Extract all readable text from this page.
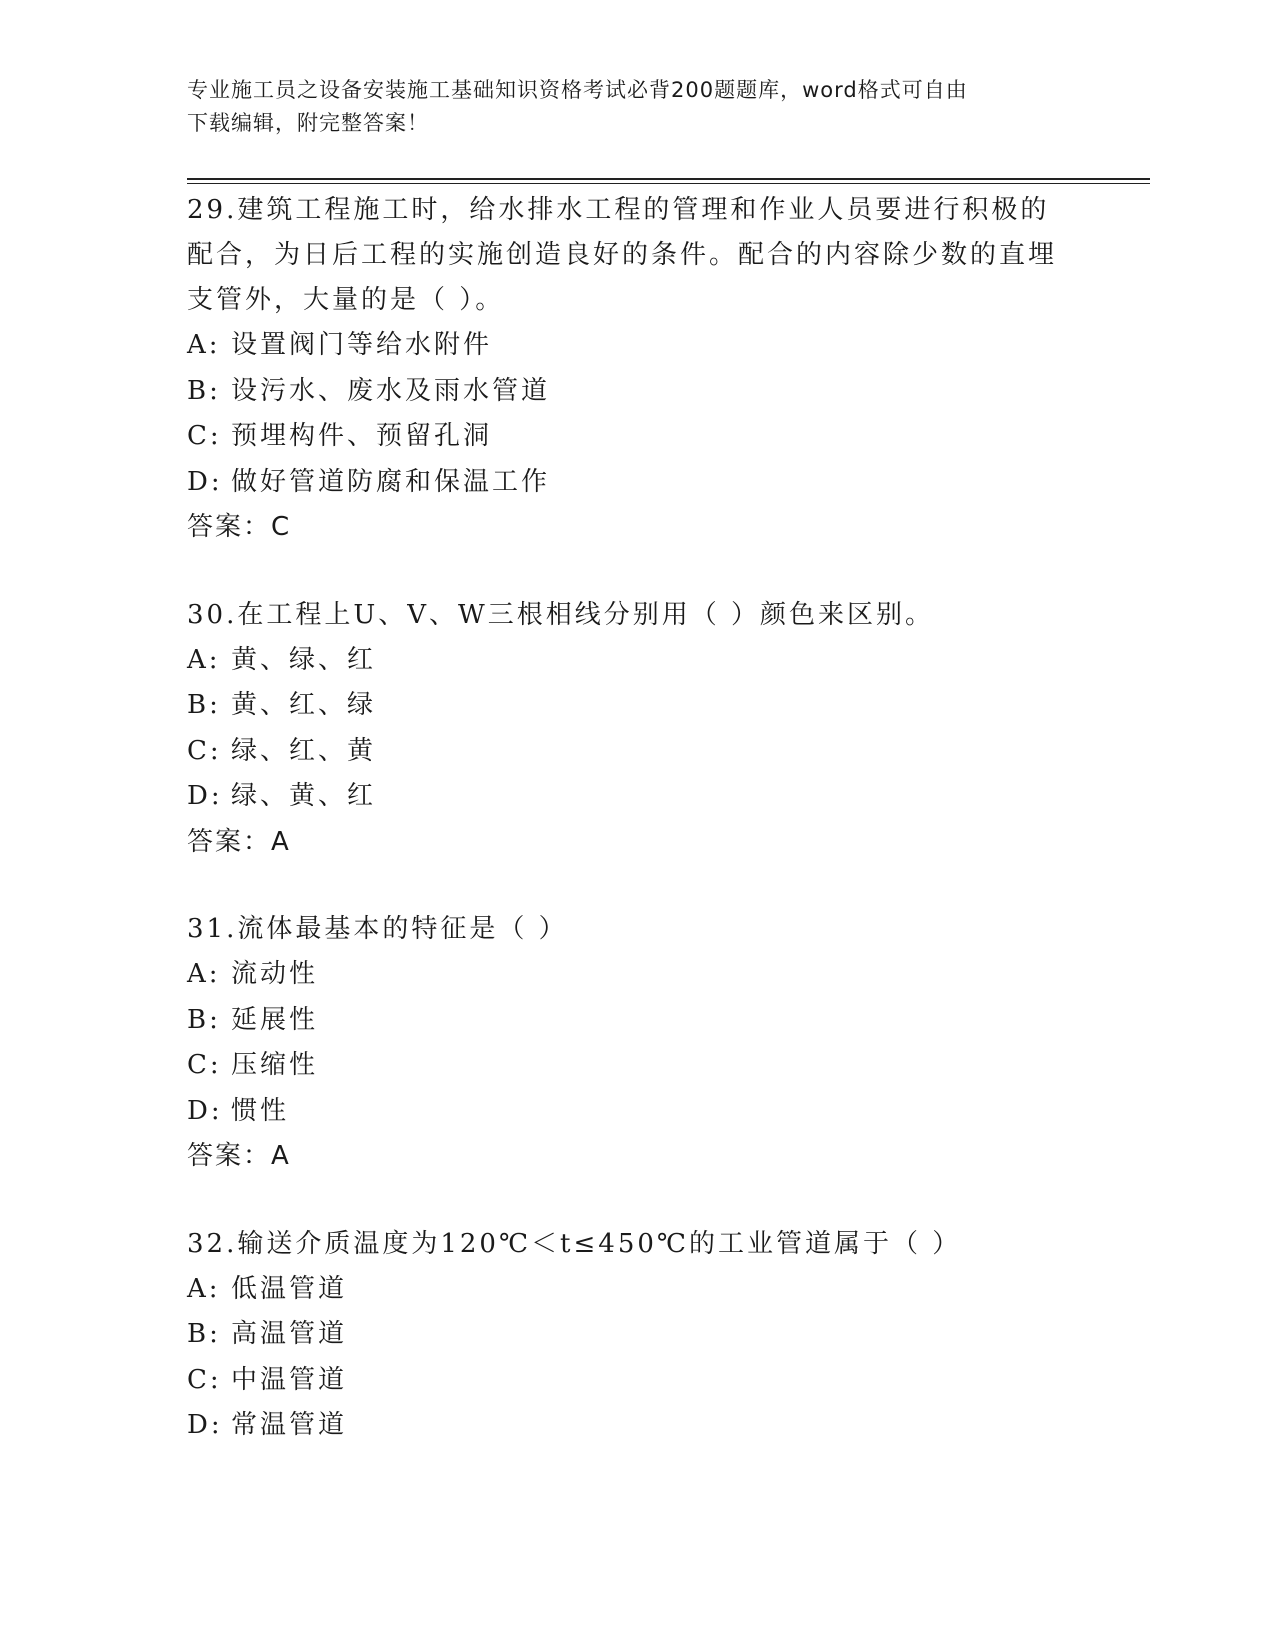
专业施工员之设备安装施工基础知识资格考试必背200题题库，word格式可自由
下载编辑，附完整答案！
29.建筑工程施工时，给水排水工程的管理和作业人员要进行积极的配合，为日后工程的实施创造良好的条件。配合的内容除少数的直埋支管外，大量的是（ ）。
A: 设置阀门等给水附件
B: 设污水、废水及雨水管道
C: 预埋构件、预留孔洞
D: 做好管道防腐和保温工作
答案：C
30.在工程上U、V、W三根相线分别用（ ）颜色来区别。
A: 黄、绿、红
B: 黄、红、绿
C: 绿、红、黄
D: 绿、黄、红
答案：A
31.流体最基本的特征是（ ）
A: 流动性
B: 延展性
C: 压缩性
D: 惯性
答案：A
32.输送介质温度为120℃＜t≤450℃的工业管道属于（ ）
A: 低温管道
B: 高温管道
C: 中温管道
D: 常温管道
